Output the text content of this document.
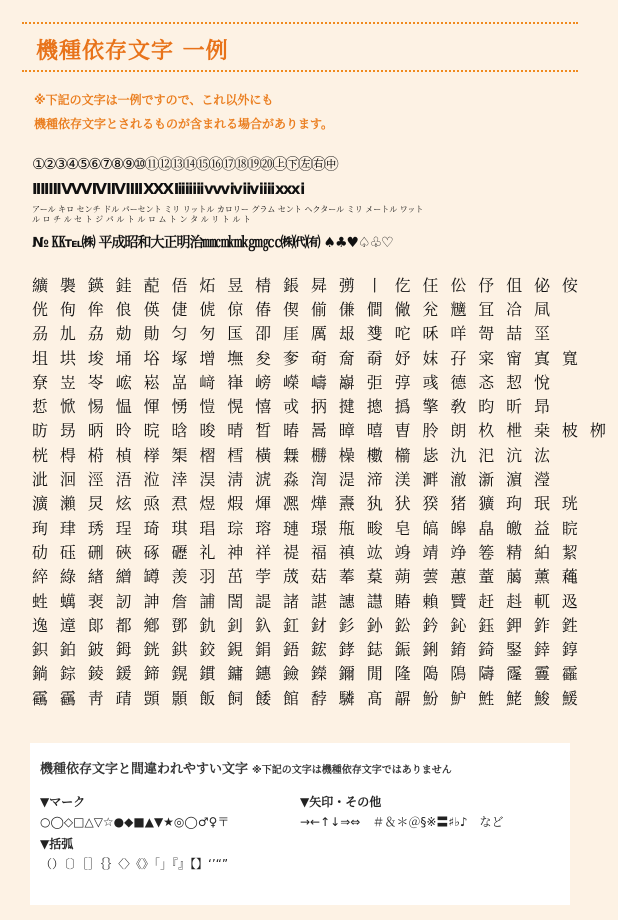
機種依存文字 一例
※下記の文字は一例ですので、これ以外にも
機種依存文字とされるものが含まれる場合があります。
①②③④⑤⑥⑦⑧⑨⑩⑪⑫⑬⑭⑮⑯⑰⑱⑲⑳㊤㊦㊧㊨㊥
ⅠⅡⅢⅣⅤⅥⅦⅧⅨⅩⅪⅰⅱⅲⅳⅴⅵⅶⅷⅸⅹⅺ
アール キロ センチ ドル パーセント ミリ リットル カロリー グラム セント ヘクタール ミリ メートル ワット
ル ロ チ ル セ ト ジ パ ル ト ル ロ ム ト ン タ ル リ ト ル ト
№ ㏍℡㈱ 平成昭和大正明治㎜㎝㎞㎏㎎㏄㈱㈹㈲ ♠♣♥♤♧♡
纊 褜 鍈 銈 蓜 俉 炻 昱 棈 鋹 曻 彅 丨 仡 仼 伀 伃 伹 佖 侒
侊 侚 侔 俍 偀 倢 俿 倞 偆 偰 偂 傔 僴 僘 兊 兤 冝 冾 凬
刕 劜 劦 勀 勛 匀 匇 匤 卲 厓 厲 叝 﨎 咜 咊 咩 哿 喆 坙
坥 垬 埈 埇 﨏 塚 增 墲 夋 奓 奛 奝 奣 妤 妺 孖 寀 甯 寘 寬
尞 岦 岺 峵 崧 嵓 﨑 嵂 嵭 嶸 嶹 巐 弡 弴 彧 德 忞 恝 悅
悊 惞 惕 愠 惲 愑 愷 愰 憘 戓 抦 揵 摠 撝 擎 敎 昀 昕 昻
昉 昮 昞 昤 晥 晗 晙 晴 晳 暙 暠 暲 暿 曺 朎 朗 杦 枻 桒 柀 栁
桄 棏 﨓 楨 﨔 榘 槢 樰 橫 橆 橳 橾 櫢 櫤 毖 氿 汜 沆 汯
泚 洄 涇 浯 涖 涬 淏 淸 淲 淼 渹 湜 渧 渼 溿 澈 澵 濵 瀅
瀇 瀨 炅 炫 焏 焄 煜 煆 煇 凞 燁 燾 犱 犾 猤 猪 獷 玽 珉 珖
珣 珒 琇 珵 琦 琪 琩 琮 瑢 璉 璟 甁 畯 皂 皜 皞 皛 皦 益 睆
劯 砡 硎 硤 硺 礰 礼 神 祥 禔 福 禛 竑 竧 靖 竫 箞 精 絈 絜
綷 綠 緖 繒 罇 羡 羽 茁 荢 荿 菇 菶 葈 蒴 蕓 蕙 蕫 﨟 薰 蘒
﨡 蠇 裵 訒 訷 詹 誧 誾 諟 諸 諶 譓 譿 賰 賴 贒 赶 﨣 軏 﨤
逸 遧 郞 都 鄕 鄧 釚 釗 釞 釭 釮 釤 釥 鈆 鈐 鈊 鈺 鉀 鈼 鉎
鉙 鉑 鈹 鉧 銧 鉷 鉸 鋧 鋗 鋙 鋐 﨧 鋕 鋠 鋓 錥 錡 鋻 﨨 錞
鋿 錝 錂 鍰 鍗 鎤 鏆 鏞 鏸 鐱 鑅 鑈 閒 隆 﨩 隝 隯 霳 霻 靃
靍 靏 靑 靕 顗 顥 飯 飼 餧 館 馞 驎 髙 髜 魵 魲 鮏 鮱 鮻 鰀
機種依存文字と間違われやすい文字 ※下記の文字は機種依存文字ではありません
▼マーク
○◯◇□△▽☆●◆■▲▼★◎◯♂♀〒
▼矢印・その他
→←↑↓⇒⇔　＃＆＊＠§※〓♯♭♪　など
▼括弧
（）〔〕［］｛｝〈〉《》「」『』【】‘’“”
